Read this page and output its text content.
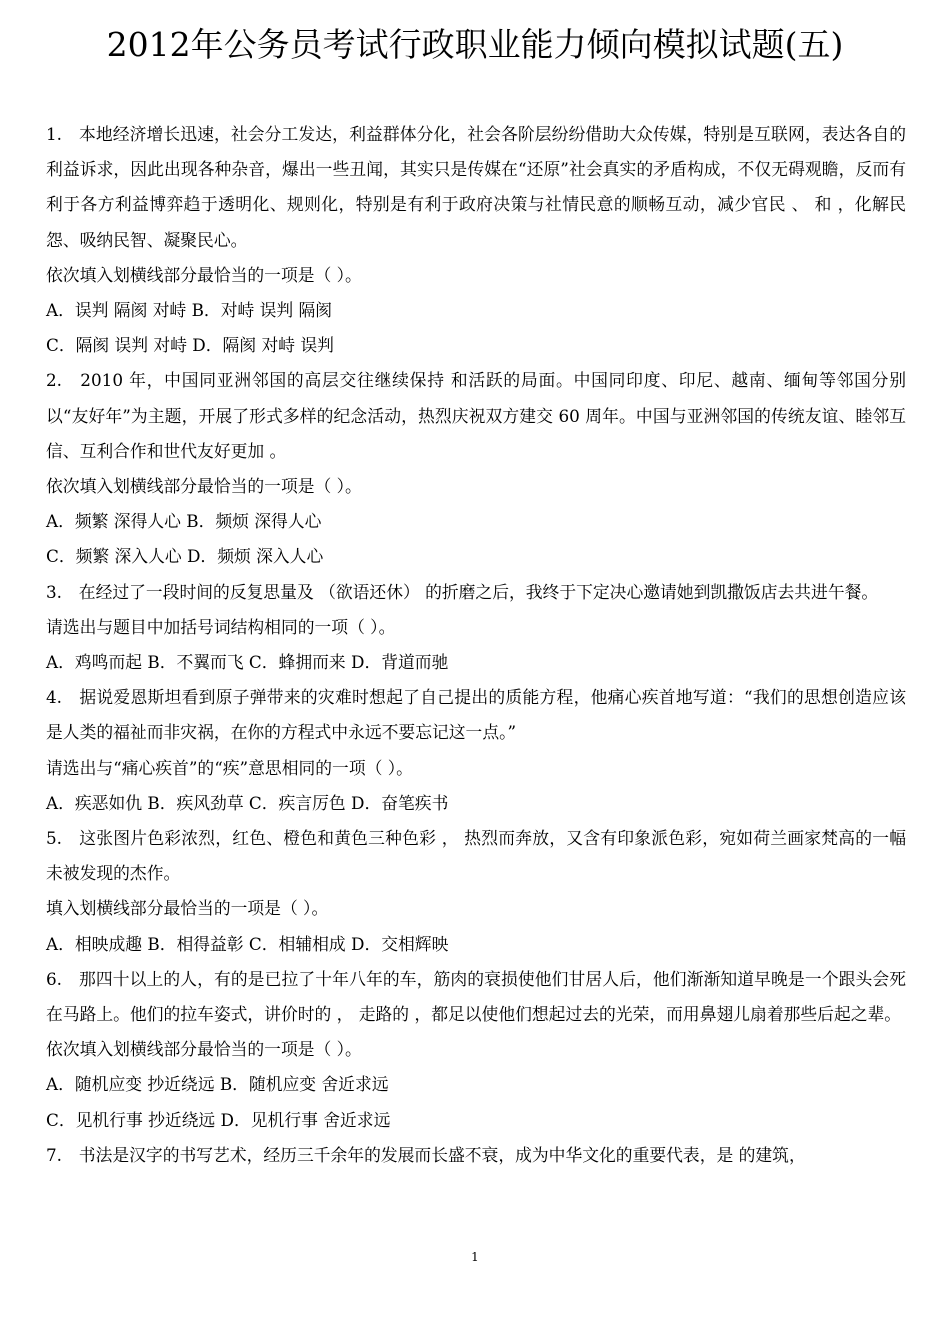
2012年公务员考试行政职业能力倾向模拟试题(五)

1.　本地经济增长迅速，社会分工发达，利益群体分化，社会各阶层纷纷借助大众传媒，特别是互联网，表达各自的利益诉求，因此出现各种杂音，爆出一些丑闻，其实只是传媒在“还原”社会真实的矛盾构成，不仅无碍观瞻，反而有利于各方利益博弈趋于透明化、规则化，特别是有利于政府决策与社情民意的顺畅互动，减少官民 、 和 ，化解民怨、吸纳民智、凝聚民心。

依次填入划横线部分最恰当的一项是（ ）。

A．误判 隔阂 对峙 B．对峙 误判 隔阂

C．隔阂 误判 对峙 D．隔阂 对峙 误判

2.　2010 年，中国同亚洲邻国的高层交往继续保持 和活跃的局面。中国同印度、印尼、越南、缅甸等邻国分别以“友好年”为主题，开展了形式多样的纪念活动，热烈庆祝双方建交 60 周年。中国与亚洲邻国的传统友谊、睦邻互信、互利合作和世代友好更加 。

依次填入划横线部分最恰当的一项是（ ）。

A．频繁 深得人心 B．频烦 深得人心

C．频繁 深入人心 D．频烦 深入人心

3.　在经过了一段时间的反复思量及 （欲语还休） 的折磨之后，我终于下定决心邀请她到凯撒饭店去共进午餐。

请选出与题目中加括号词结构相同的一项（ ）。

A．鸡鸣而起 B．不翼而飞 C．蜂拥而来 D．背道而驰

4.　据说爱恩斯坦看到原子弹带来的灾难时想起了自己提出的质能方程，他痛心疾首地写道：“我们的思想创造应该是人类的福祉而非灾祸，在你的方程式中永远不要忘记这一点。”

请选出与“痛心疾首”的“疾”意思相同的一项（ ）。

A．疾恶如仇 B．疾风劲草 C．疾言厉色 D．奋笔疾书

5.　这张图片色彩浓烈，红色、橙色和黄色三种色彩 ， 热烈而奔放，又含有印象派色彩，宛如荷兰画家梵高的一幅未被发现的杰作。

填入划横线部分最恰当的一项是（ ）。

A．相映成趣 B．相得益彰 C．相辅相成 D．交相辉映

6.　那四十以上的人，有的是已拉了十年八年的车，筋肉的衰损使他们甘居人后，他们渐渐知道早晚是一个跟头会死在马路上。他们的拉车姿式，讲价时的 ， 走路的 ，都足以使他们想起过去的光荣，而用鼻翅儿扇着那些后起之辈。

依次填入划横线部分最恰当的一项是（ ）。

A．随机应变 抄近绕远 B．随机应变 舍近求远

C．见机行事 抄近绕远 D．见机行事 舍近求远

7.　书法是汉字的书写艺术，经历三千余年的发展而长盛不衰，成为中华文化的重要代表，是 的建筑，

1
